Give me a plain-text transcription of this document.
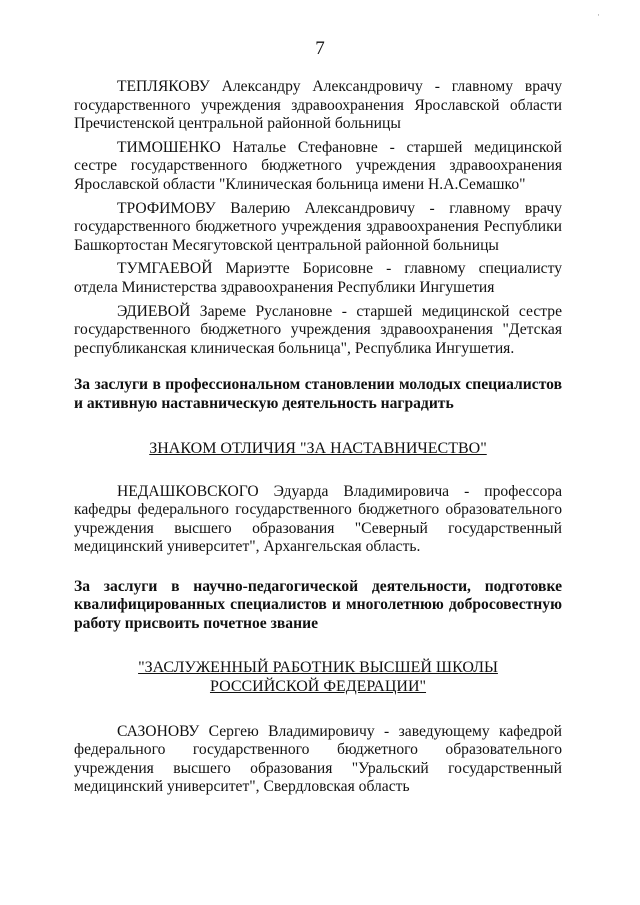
·
7

ТЕПЛЯКОВУ Александру Александровичу - главному врачу государственного учреждения здравоохранения Ярославской области Пречистенской центральной районной больницы

ТИМОШЕНКО Наталье Стефановне - старшей медицинской сестре государственного бюджетного учреждения здравоохранения Ярославской области "Клиническая больница имени Н.А.Семашко"

ТРОФИМОВУ Валерию Александровичу - главному врачу государственного бюджетного учреждения здравоохранения Республики Башкортостан Месягутовской центральной районной больницы

ТУМГАЕВОЙ Мариэтте Борисовне - главному специалисту отдела Министерства здравоохранения Республики Ингушетия

ЭДИЕВОЙ Зареме Руслановне - старшей медицинской сестре государственного бюджетного учреждения здравоохранения "Детская республиканская клиническая больница", Республика Ингушетия.

За заслуги в профессиональном становлении молодых специалистов и активную наставническую деятельность наградить

ЗНАКОМ ОТЛИЧИЯ "ЗА НАСТАВНИЧЕСТВО"

НЕДАШКОВСКОГО Эдуарда Владимировича - профессора кафедры федерального государственного бюджетного образовательного учреждения высшего образования "Северный государственный медицинский университет", Архангельская область.

За заслуги в научно-педагогической деятельности, подготовке квалифицированных специалистов и многолетнюю добросовестную работу присвоить почетное звание

"ЗАСЛУЖЕННЫЙ РАБОТНИК ВЫСШЕЙ ШКОЛЫ

РОССИЙСКОЙ ФЕДЕРАЦИИ"

САЗОНОВУ Сергею Владимировичу - заведующему кафедрой федерального государственного бюджетного образовательного учреждения высшего образования "Уральский государственный медицинский университет", Свердловская область
